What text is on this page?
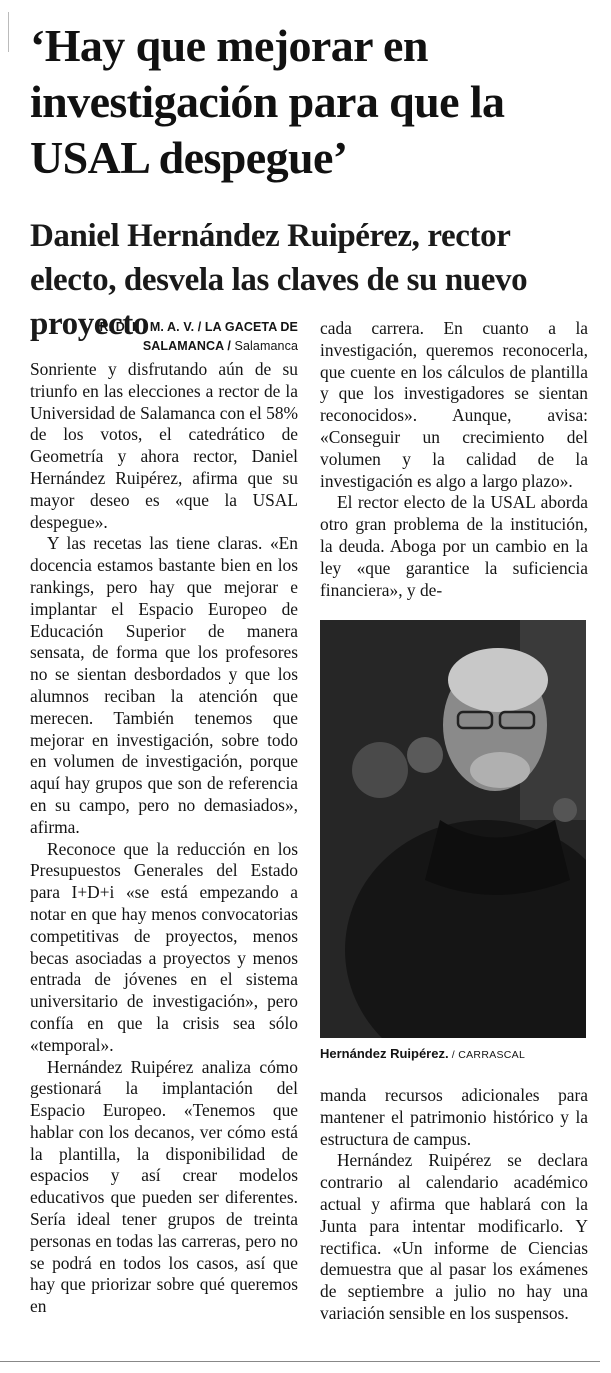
‘Hay que mejorar en investigación para que la USAL despegue’
Daniel Hernández Ruipérez, rector electo, desvela las claves de su nuevo proyecto
R. D. I. / M. A. V. / LA GACETA DE SALAMANCA / Salamanca

Sonriente y disfrutando aún de su triunfo en las elecciones a rector de la Universidad de Salamanca con el 58% de los votos, el catedrático de Geometría y ahora rector, Daniel Hernández Ruipérez, afirma que su mayor deseo es «que la USAL despegue».

Y las recetas las tiene claras. «En docencia estamos bastante bien en los rankings, pero hay que mejorar e implantar el Espacio Europeo de Educación Superior de manera sensata, de forma que los profesores no se sientan desbordados y que los alumnos reciban la atención que merecen. También tenemos que mejorar en investigación, sobre todo en volumen de investigación, porque aquí hay grupos que son de referencia en su campo, pero no demasiados», afirma.

Reconoce que la reducción en los Presupuestos Generales del Estado para I+D+i «se está empezando a notar en que hay menos convocatorias competitivas de proyectos, menos becas asociadas a proyectos y menos entrada de jóvenes en el sistema universitario de investigación», pero confía en que la crisis sea sólo «temporal».

Hernández Ruipérez analiza cómo gestionará la implantación del Espacio Europeo. «Tenemos que hablar con los decanos, ver cómo está la plantilla, la disponibilidad de espacios y así crear modelos educativos que pueden ser diferentes. Sería ideal tener grupos de treinta personas en todas las carreras, pero no se podrá en todos los casos, así que hay que priorizar sobre qué queremos en

cada carrera. En cuanto a la investigación, queremos reconocerla, que cuente en los cálculos de plantilla y que los investigadores se sientan reconocidos». Aunque, avisa: «Conseguir un crecimiento del volumen y la calidad de la investigación es algo a largo plazo».

El rector electo de la USAL aborda otro gran problema de la institución, la deuda. Aboga por un cambio en la ley «que garantice la suficiencia financiera», y de-

Hernández Ruipérez. / CARRASCAL

manda recursos adicionales para mantener el patrimonio histórico y la estructura de campus.

Hernández Ruipérez se declara contrario al calendario académico actual y afirma que hablará con la Junta para intentar modificarlo. Y rectifica. «Un informe de Ciencias demuestra que al pasar los exámenes de septiembre a julio no hay una variación sensible en los suspensos.
